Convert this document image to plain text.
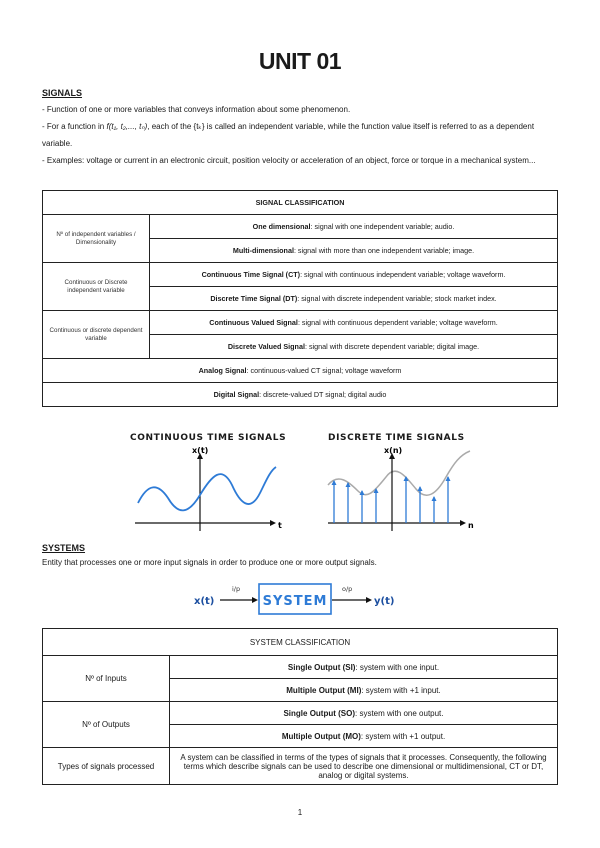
UNIT 01
SIGNALS
- Function of one or more variables that conveys information about some phenomenon.
- For a function in f(t₁, t₂,..., tₙ), each of the {tₖ} is called an independent variable, while the function value itself is referred to as a dependent variable.
- Examples: voltage or current in an electronic circuit, position velocity or acceleration of an object, force or torque in a mechanical system...
SIGNAL CLASSIFICATION	
Nº of independent variables / Dimensionality	One dimensional: signal with one independent variable; audio.
	Multi-dimensional: signal with more than one independent variable; image.
Continuous or Discrete independent variable	Continuous Time Signal (CT): signal with continuous independent variable; voltage waveform.
	Discrete Time Signal (DT): signal with discrete independent variable; stock market index.
Continuous or discrete dependent variable	Continuous Valued Signal: signal with continuous dependent variable; voltage waveform.
	Discrete Valued Signal: signal with discrete dependent variable; digital image.
Analog Signal: continuous-valued CT signal; voltage waveform	
Digital Signal: discrete-valued DT signal; digital audio	
CONTINUOUS TIME SIGNALS
x(t)
t
DISCRETE TIME SIGNALS
x(n)
n
SYSTEMS
Entity that processes one or more input signals in order to produce one or more output signals.
x(t)
i/p
SYSTEM
o/p
y(t)
SYSTEM CLASSIFICATION	
Nº of Inputs	Single Output (SI): system with one input.
	Multiple Output (MI): system with +1 input.
Nº of Outputs	Single Output (SO): system with one output.
	Multiple Output (MO): system with +1 output.
Types of signals processed	A system can be classified in terms of the types of signals that it processes. Consequently, the following terms which describe signals can be used to describe one dimensional or multidimensional, CT or DT, analog or digital systems.
1
